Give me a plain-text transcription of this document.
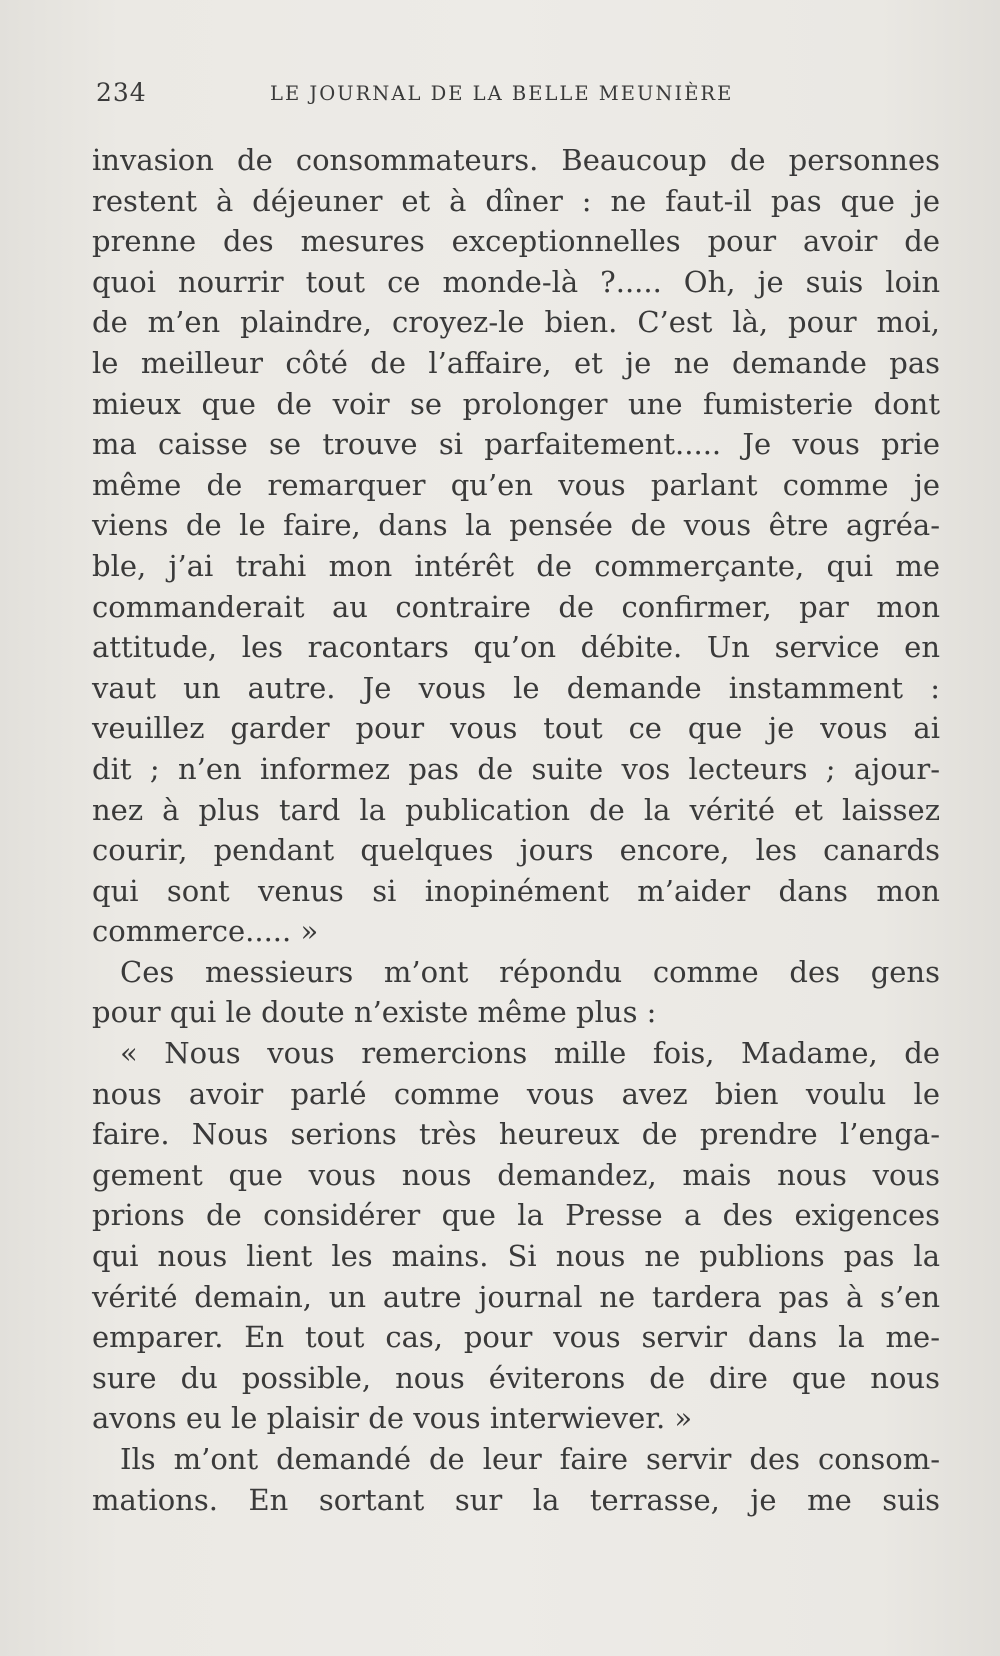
234	LE JOURNAL DE LA BELLE MEUNIÈRE
invasion de consommateurs. Beaucoup de personnes
restent à déjeuner et à dîner : ne faut-il pas que je
prenne des mesures exceptionnelles pour avoir de
quoi nourrir tout ce monde-là ?..... Oh, je suis loin
de m’en plaindre, croyez-le bien. C’est là, pour moi,
le meilleur côté de l’affaire, et je ne demande pas
mieux que de voir se prolonger une fumisterie dont
ma caisse se trouve si parfaitement..... Je vous prie
même de remarquer qu’en vous parlant comme je
viens de le faire, dans la pensée de vous être agréa-
ble, j’ai trahi mon intérêt de commerçante, qui me
commanderait au contraire de confirmer, par mon
attitude, les racontars qu’on débite. Un service en
vaut un autre. Je vous le demande instamment :
veuillez garder pour vous tout ce que je vous ai
dit ; n’en informez pas de suite vos lecteurs ; ajour-
nez à plus tard la publication de la vérité et laissez
courir, pendant quelques jours encore, les canards
qui sont venus si inopinément m’aider dans mon
commerce..... »
Ces messieurs m’ont répondu comme des gens
pour qui le doute n’existe même plus :
« Nous vous remercions mille fois, Madame, de
nous avoir parlé comme vous avez bien voulu le
faire. Nous serions très heureux de prendre l’enga-
gement que vous nous demandez, mais nous vous
prions de considérer que la Presse a des exigences
qui nous lient les mains. Si nous ne publions pas la
vérité demain, un autre journal ne tardera pas à s’en
emparer. En tout cas, pour vous servir dans la me-
sure du possible, nous éviterons de dire que nous
avons eu le plaisir de vous interwiever. »
Ils m’ont demandé de leur faire servir des consom-
mations. En sortant sur la terrasse, je me suis
